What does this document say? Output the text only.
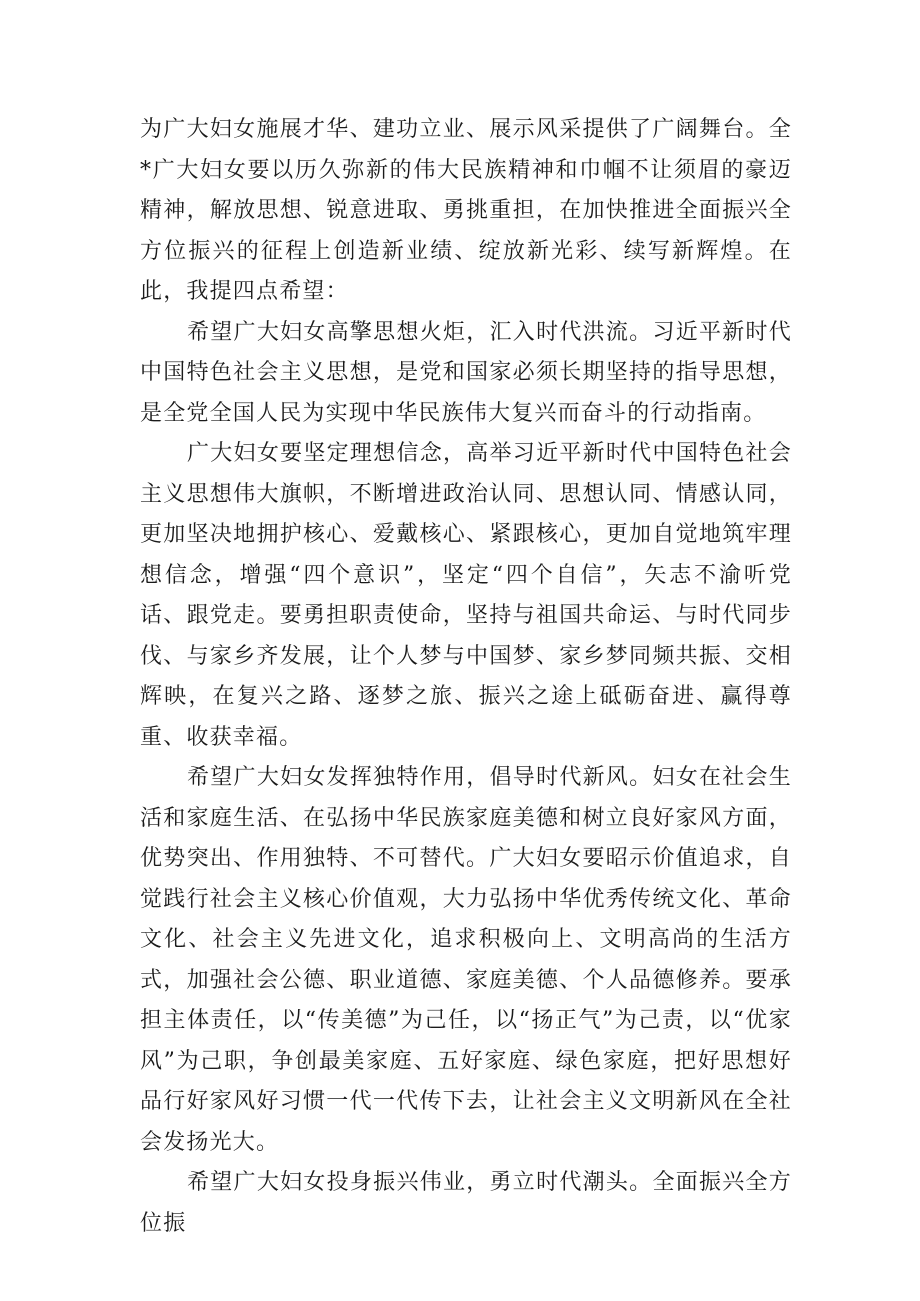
为广大妇女施展才华、建功立业、展示风采提供了广阔舞台。全*广大妇女要以历久弥新的伟大民族精神和巾帼不让须眉的豪迈精神，解放思想、锐意进取、勇挑重担，在加快推进全面振兴全方位振兴的征程上创造新业绩、绽放新光彩、续写新辉煌。在此，我提四点希望：

希望广大妇女高擎思想火炬，汇入时代洪流。习近平新时代中国特色社会主义思想，是党和国家必须长期坚持的指导思想，是全党全国人民为实现中华民族伟大复兴而奋斗的行动指南。

广大妇女要坚定理想信念，高举习近平新时代中国特色社会主义思想伟大旗帜，不断增进政治认同、思想认同、情感认同，更加坚决地拥护核心、爱戴核心、紧跟核心，更加自觉地筑牢理想信念，增强“四个意识”，坚定“四个自信”，矢志不渝听党话、跟党走。要勇担职责使命，坚持与祖国共命运、与时代同步伐、与家乡齐发展，让个人梦与中国梦、家乡梦同频共振、交相辉映，在复兴之路、逐梦之旅、振兴之途上砥砺奋进、赢得尊重、收获幸福。

希望广大妇女发挥独特作用，倡导时代新风。妇女在社会生活和家庭生活、在弘扬中华民族家庭美德和树立良好家风方面，优势突出、作用独特、不可替代。广大妇女要昭示价值追求，自觉践行社会主义核心价值观，大力弘扬中华优秀传统文化、革命文化、社会主义先进文化，追求积极向上、文明高尚的生活方式，加强社会公德、职业道德、家庭美德、个人品德修养。要承担主体责任，以“传美德”为己任，以“扬正气”为己责，以“优家风”为己职，争创最美家庭、五好家庭、绿色家庭，把好思想好品行好家风好习惯一代一代传下去，让社会主义文明新风在全社会发扬光大。

希望广大妇女投身振兴伟业，勇立时代潮头。全面振兴全方位振
